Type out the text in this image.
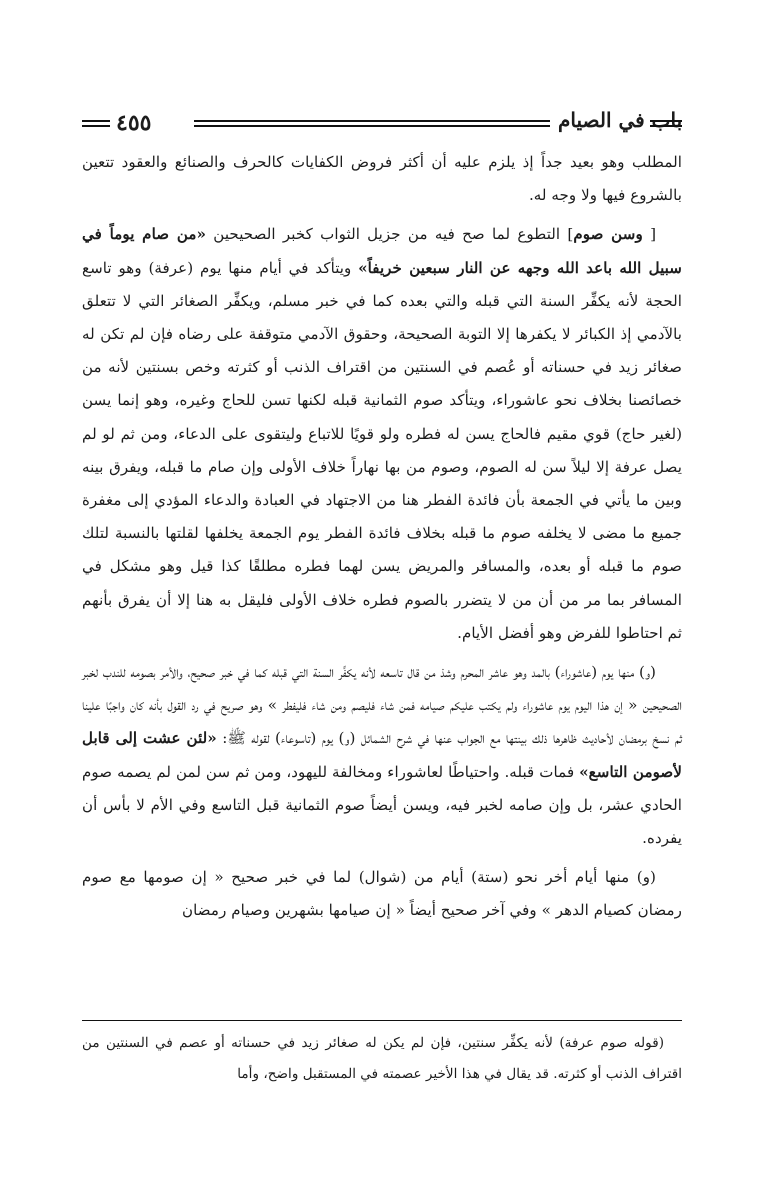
٤٥٥	باب في الصيام

المطلب وهو بعيد جداً إذ يلزم عليه أن أكثر فروض الكفايات كالحرف والصنائع والعقود تتعين بالشروع فيها ولا وجه له.

[ وسن صوم] التطوع لما صح فيه من جزيل الثواب كخبر الصحيحين «من صام يوماً في سبيل الله باعد الله وجهه عن النار سبعين خريفاً» ويتأكد في أيام منها يوم (عرفة) وهو تاسع الحجة لأنه يكفِّر السنة التي قبله والتي بعده كما في خبر مسلم، ويكفِّر الصغائر التي لا تتعلق بالآدمي إذ الكبائر لا يكفرها إلا التوبة الصحيحة، وحقوق الآدمي متوقفة على رضاه فإن لم تكن له صغائر زيد في حسناته أو عُصم في السنتين من اقتراف الذنب أو كثرته وخص بسنتين لأنه من خصائصنا بخلاف نحو عاشوراء، ويتأكد صوم الثمانية قبله لكنها تسن للحاج وغيره، وهو إنما يسن (لغير حاج) قوي مقيم فالحاج يسن له فطره ولو قويًا للاتباع وليتقوى على الدعاء، ومن ثم لو لم يصل عرفة إلا ليلاً سن له الصوم، وصوم من بها نهاراً خلاف الأولى وإن صام ما قبله، ويفرق بينه وبين ما يأتي في الجمعة بأن فائدة الفطر هنا من الاجتهاد في العبادة والدعاء المؤدي إلى مغفرة جميع ما مضى لا يخلفه صوم ما قبله بخلاف فائدة الفطر يوم الجمعة يخلفها لقلتها بالنسبة لتلك صوم ما قبله أو بعده، والمسافر والمريض يسن لهما فطره مطلقًا كذا قيل وهو مشكل في المسافر بما مر من أن من لا يتضرر بالصوم فطره خلاف الأولى فليقل به هنا إلا أن يفرق بأنهم ثم احتاطوا للفرض وهو أفضل الأيام.

(و) منها يوم (عاشوراء) بالمد وهو عاشر المحرم وشذ من قال تاسعه لأنه يكفِّر السنة التي قبله كما في خبر صحيح، والأمر بصومه للندب لخبر الصحيحين « إن هذا اليوم يوم عاشوراء ولم يكتب عليكم صيامه فمن شاء فليصم ومن شاء فليفطر » وهو صريح في رد القول بأنه كان واجبًا علينا ثم نسخ برمضان لأحاديث ظاهرها ذلك بينتها مع الجواب عنها في شرح الشمائل (و) يوم (تاسوعاء) لقوله ﷺ: «لئن عشت إلى قابل لأصومن التاسع» فمات قبله. واحتياطًا لعاشوراء ومخالفة لليهود، ومن ثم سن لمن لم يصمه صوم الحادي عشر، بل وإن صامه لخبر فيه، ويسن أيضاً صوم الثمانية قبل التاسع وفي الأم لا بأس أن يفرده.

(و) منها أيام أخر نحو (ستة) أيام من (شوال) لما في خبر صحيح « إن صومها مع صوم رمضان كصيام الدهر » وفي آخر صحيح أيضاً « إن صيامها بشهرين وصيام رمضان

(قوله صوم عرفة) لأنه يكفِّر سنتين، فإن لم يكن له صغائر زيد في حسناته أو عصم في السنتين من اقتراف الذنب أو كثرته. قد يقال في هذا الأخير عصمته في المستقبل واضح، وأما
